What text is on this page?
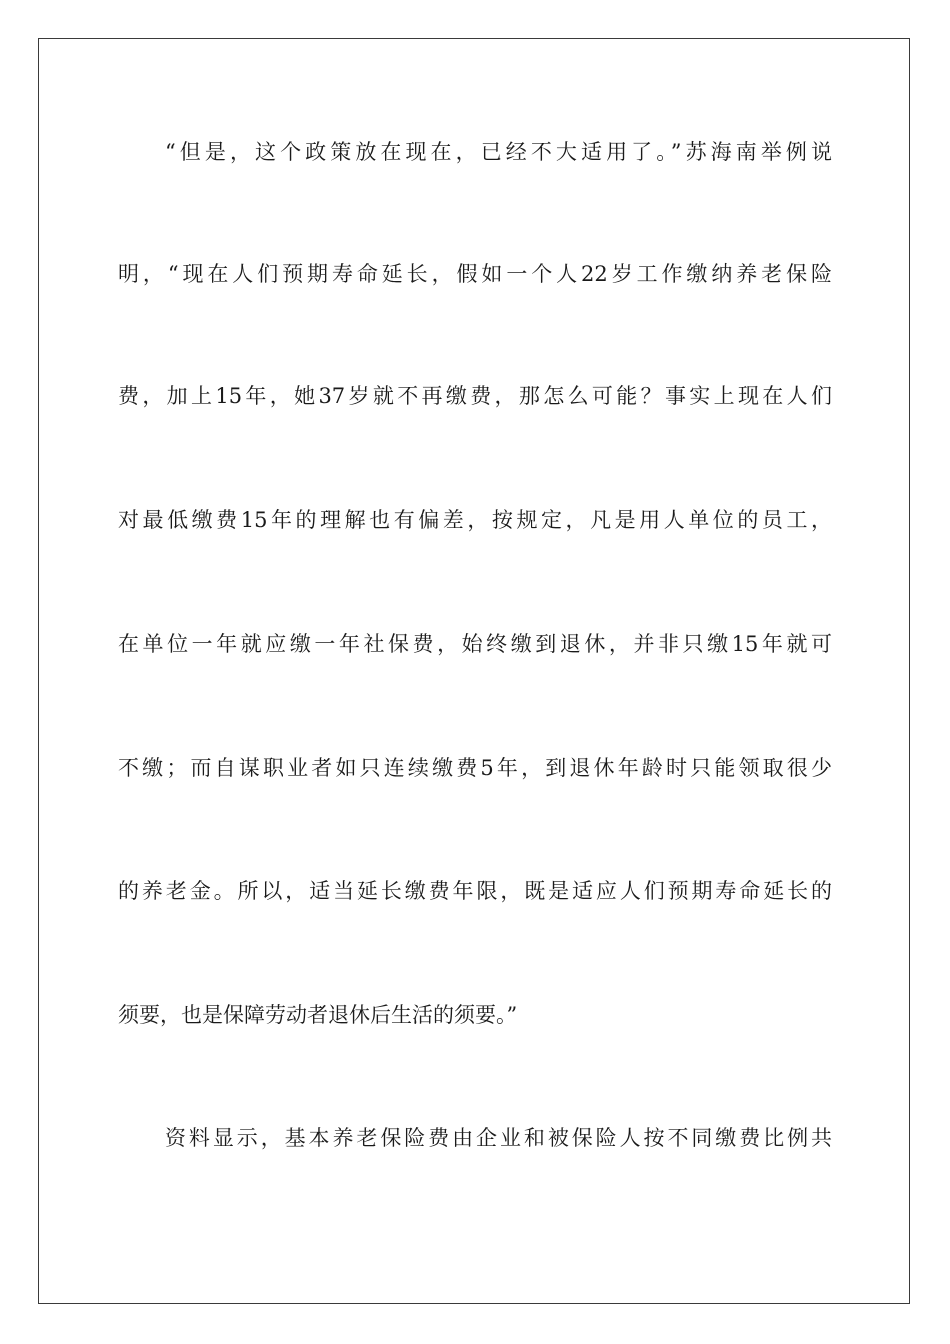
“但是，这个政策放在现在，已经不大适用了。”苏海南举例说
明，“现在人们预期寿命延长，假如一个人22岁工作缴纳养老保险
费，加上15年，她37岁就不再缴费，那怎么可能？事实上现在人们
对最低缴费15年的理解也有偏差，按规定，凡是用人单位的员工，
在单位一年就应缴一年社保费，始终缴到退休，并非只缴15年就可
不缴；而自谋职业者如只连续缴费5年，到退休年龄时只能领取很少
的养老金。所以，适当延长缴费年限，既是适应人们预期寿命延长的
须要，也是保障劳动者退休后生活的须要。”
资料显示，基本养老保险费由企业和被保险人按不同缴费比例共
